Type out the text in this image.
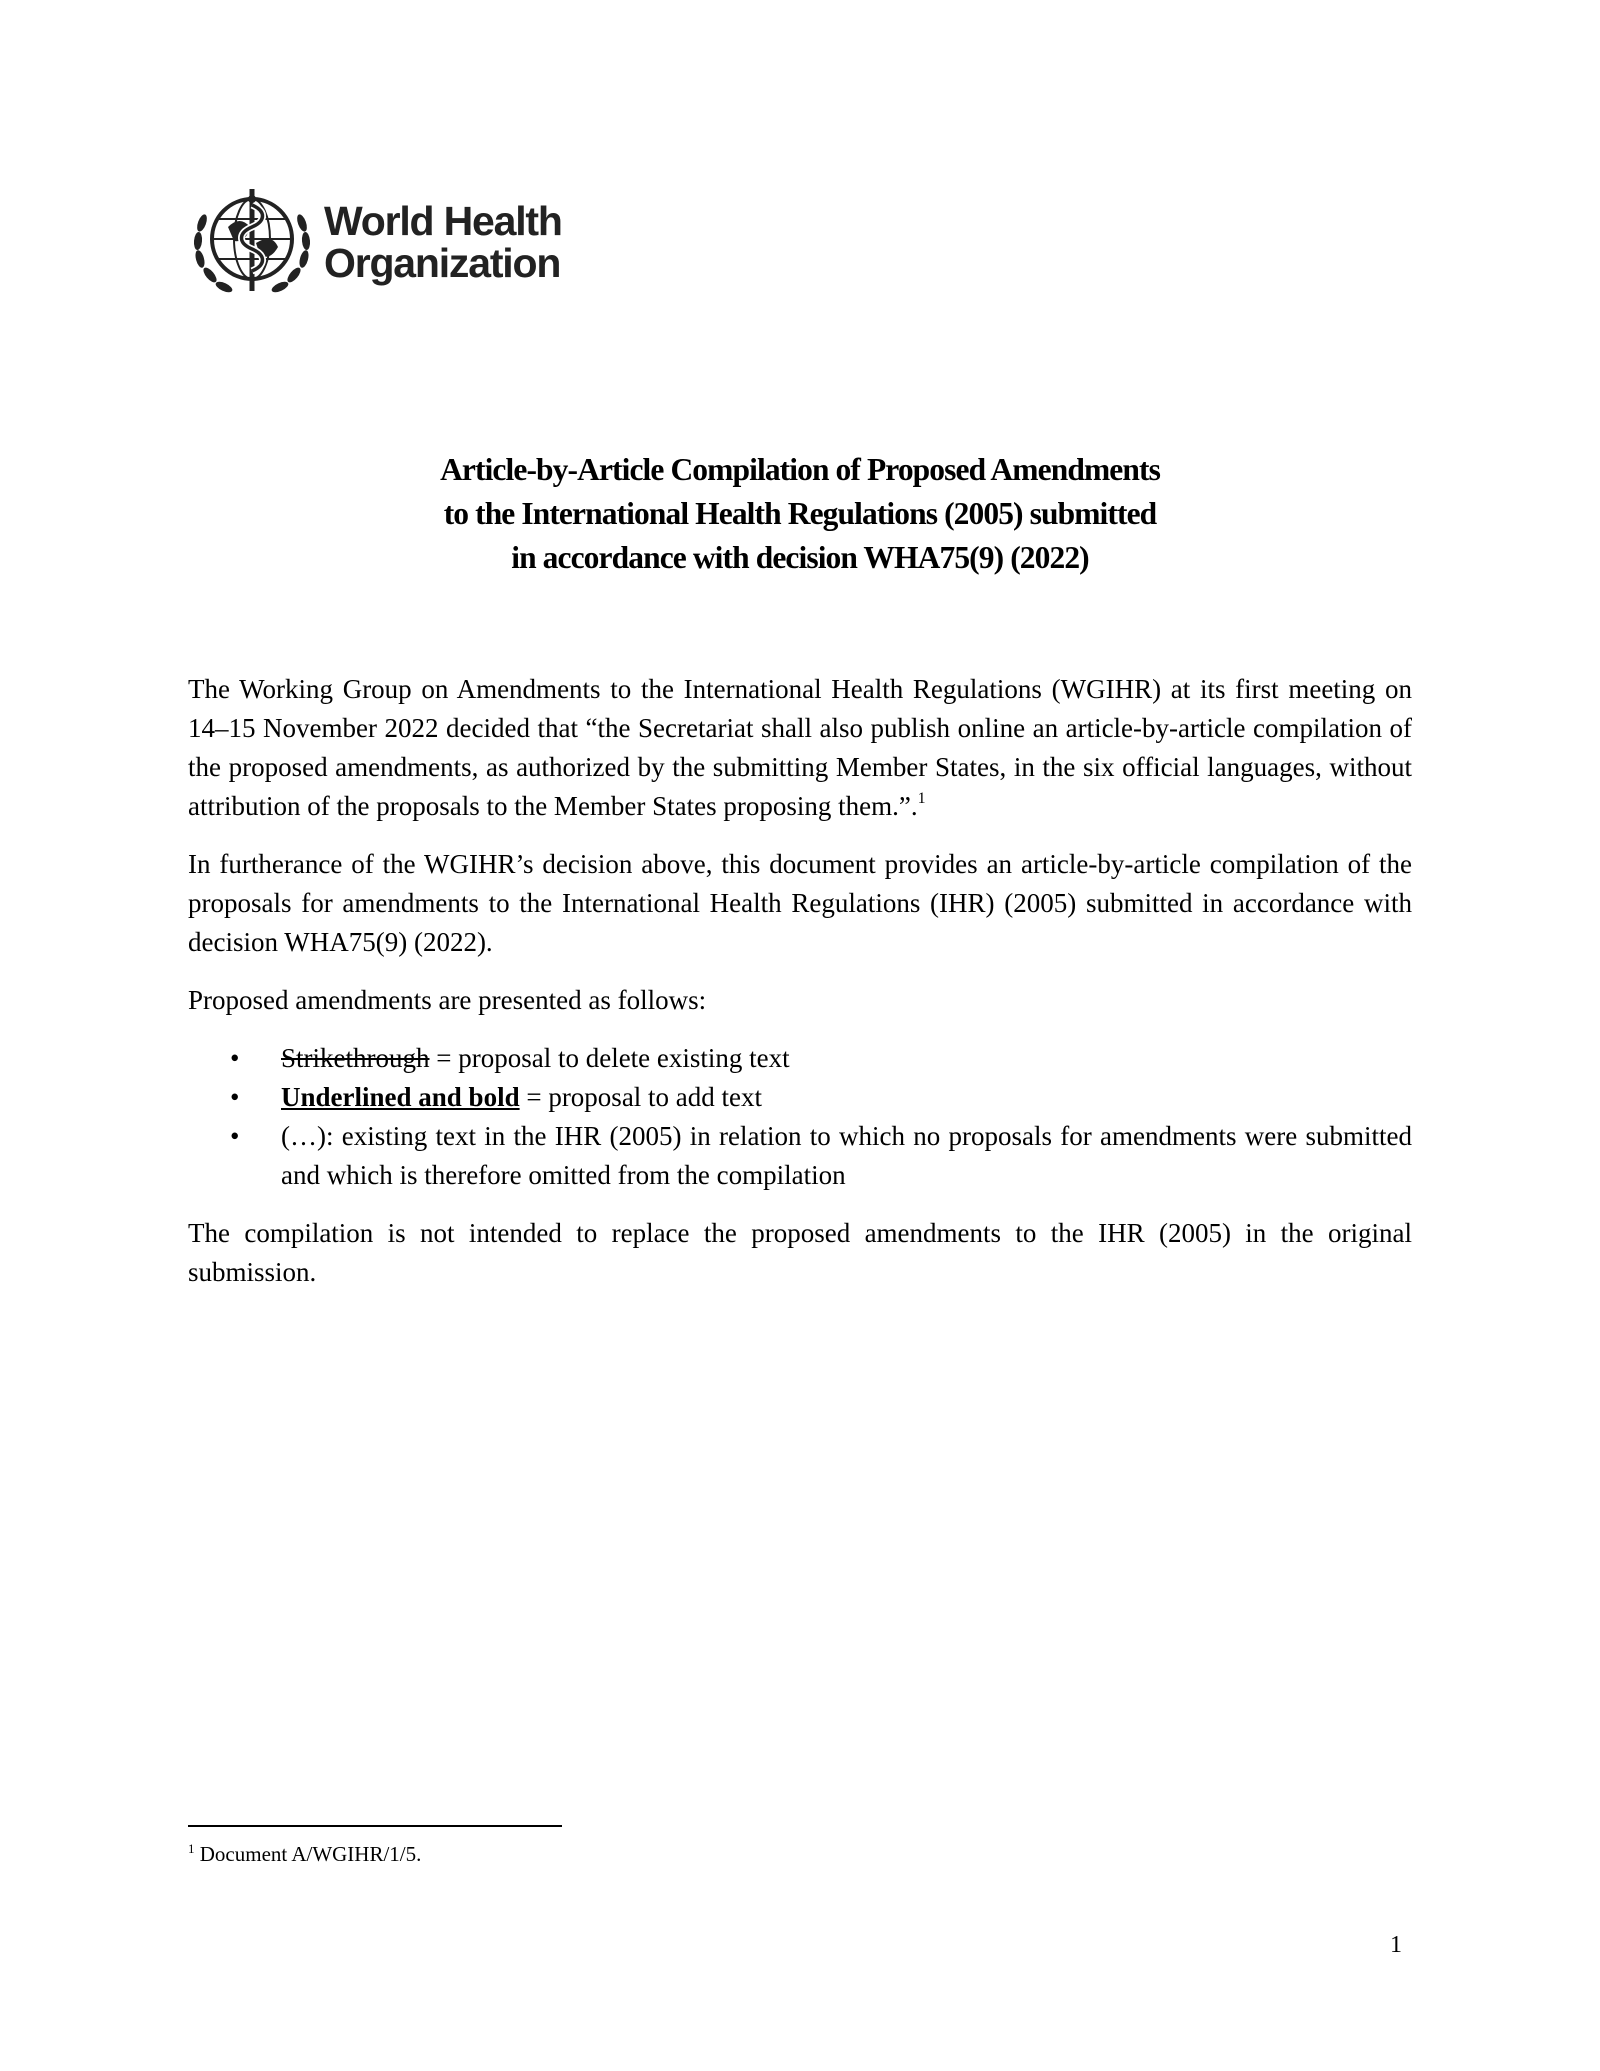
World Health
Organization
Article-by-Article Compilation of Proposed Amendments
to the International Health Regulations (2005) submitted
in accordance with decision WHA75(9) (2022)

The Working Group on Amendments to the International Health Regulations (WGIHR) at its first meeting on 14–15 November 2022 decided that “the Secretariat shall also publish online an article-by-article compilation of the proposed amendments, as authorized by the submitting Member States, in the six official languages, without attribution of the proposals to the Member States proposing them.”.$^1$

In furtherance of the WGIHR’s decision above, this document provides an article-by-article compilation of the proposals for amendments to the International Health Regulations (IHR) (2005) submitted in accordance with decision WHA75(9) (2022).

Proposed amendments are presented as follows:

• Strikethrough = proposal to delete existing text
• Underlined and bold = proposal to add text
• (…): existing text in the IHR (2005) in relation to which no proposals for amendments were submitted and which is therefore omitted from the compilation

The compilation is not intended to replace the proposed amendments to the IHR (2005) in the original submission.

$^1$ Document A/WGIHR/1/5.
1
